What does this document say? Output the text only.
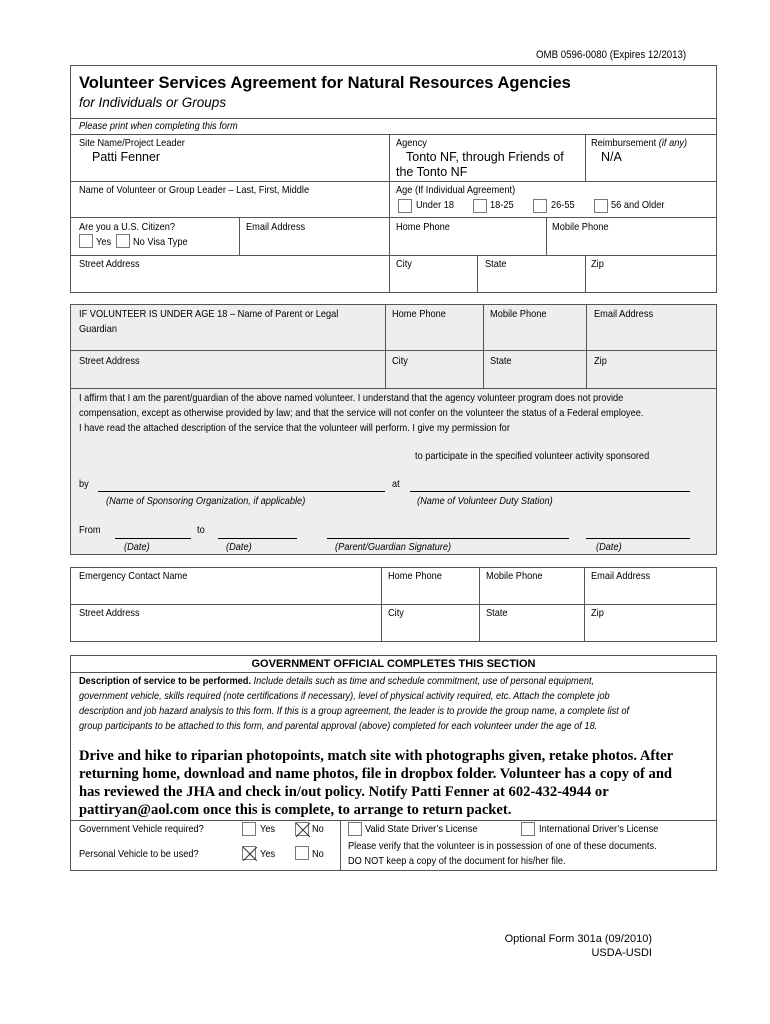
OMB 0596-0080 (Expires 12/2013)
Volunteer Services Agreement for Natural Resources Agencies
for Individuals or Groups
Please print when completing this form
Site Name/Project Leader
Patti Fenner
Agency
Tonto NF, through Friends of
the Tonto NF
Reimbursement (if any)
N/A
Name of Volunteer or Group Leader – Last, First, Middle	Age (If Individual Agreement)
Under 18	18-25	26-55	56 and Older
Are you a U.S. Citizen?
Yes No Visa Type
Email Address	Home Phone	Mobile Phone
Street Address	City	State	Zip
IF VOLUNTEER IS UNDER AGE 18 – Name of Parent or Legal
Guardian
Home Phone	Mobile Phone	Email Address
Street Address	City	State	Zip
I affirm that I am the parent/guardian of the above named volunteer. I understand that the agency volunteer program does not provide
compensation, except as otherwise provided by law; and that the service will not confer on the volunteer the status of a Federal employee.
I have read the attached description of the service that the volunteer will perform. I give my permission for
to participate in the specified volunteer activity sponsored
by	at
(Name of Sponsoring Organization, if applicable)	(Name of Volunteer Duty Station)
From	to
(Date)	(Date)	(Parent/Guardian Signature)	(Date)
Emergency Contact Name	Home Phone	Mobile Phone	Email Address
Street Address	City	State	Zip
GOVERNMENT OFFICIAL COMPLETES THIS SECTION
Description of service to be performed. Include details such as time and schedule commitment, use of personal equipment,
government vehicle, skills required (note certifications if necessary), level of physical activity required, etc. Attach the complete job
description and job hazard analysis to this form. If this is a group agreement, the leader is to provide the group name, a complete list of
group participants to be attached to this form, and parental approval (above) completed for each volunteer under the age of 18.
Drive and hike to riparian photopoints, match site with photographs given, retake photos. After
returning home, download and name photos, file in dropbox folder. Volunteer has a copy of and
has reviewed the JHA and check in/out policy. Notify Patti Fenner at 602-432-4944 or
pattiryan@aol.com once this is complete, to arrange to return packet.
Government Vehicle required?	Yes	No
Personal Vehicle to be used?	Yes	No
Valid State Driver’s License	International Driver’s License
Please verify that the volunteer is in possession of one of these documents.
DO NOT keep a copy of the document for his/her file.
Optional Form 301a (09/2010)
USDA-USDI
